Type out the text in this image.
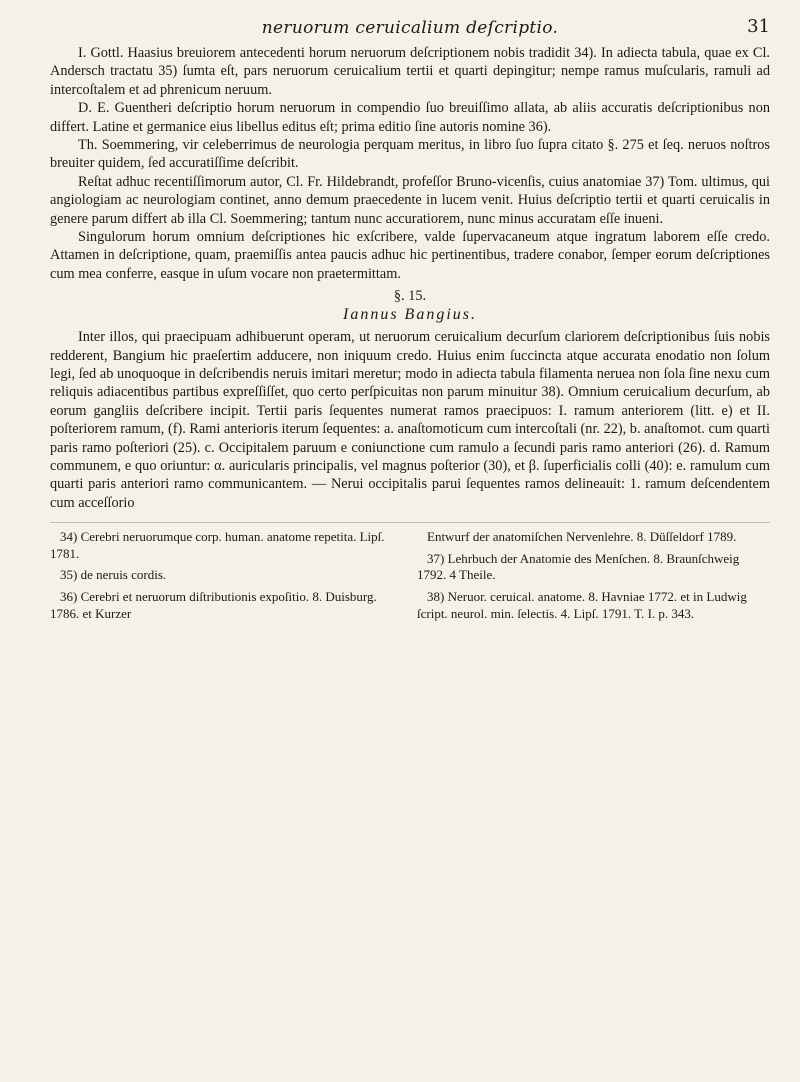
neruorum ceruicalium deſcriptio.	31

I. Gottl. Haasius breuiorem antecedenti horum neruorum deſcriptionem nobis tradidit 34). In adiecta tabula, quae ex Cl. Andersch tractatu 35) ſumta eſt, pars neruorum ceruicalium tertii et quarti depingitur; nempe ramus muſcularis, ramuli ad intercoſtalem et ad phrenicum neruum.

D. E. Guentheri deſcriptio horum neruorum in compendio ſuo breuiſſimo allata, ab aliis accuratis deſcriptionibus non differt. Latine et germanice eius libellus editus eſt; prima editio ſine autoris nomine 36).

Th. Soemmering, vir celeberrimus de neurologia perquam meritus, in libro ſuo ſupra citato §. 275 et ſeq. neruos noſtros breuiter quidem, ſed accuratiſſime deſcribit.

Reſtat adhuc recentiſſimorum autor, Cl. Fr. Hildebrandt, profeſſor Bruno-vicenſis, cuius anatomiae 37) Tom. ultimus, qui angiologiam ac neurologiam continet, anno demum praecedente in lucem venit. Huius deſcriptio tertii et quarti ceruicalis in genere parum differt ab illa Cl. Soemmering; tantum nunc accuratiorem, nunc minus accuratam eſſe inueni.

Singulorum horum omnium deſcriptiones hic exſcribere, valde ſupervacaneum atque ingratum laborem eſſe credo. Attamen in deſcriptione, quam, praemiſſis antea paucis adhuc hic pertinentibus, tradere conabor, ſemper eorum deſcriptiones cum mea conferre, easque in uſum vocare non praetermittam.

§. 15.

Iannus Bangius.

Inter illos, qui praecipuam adhibuerunt operam, ut neruorum ceruicalium decurſum clariorem deſcriptionibus ſuis nobis redderent, Bangium hic praeſertim adducere, non iniquum credo. Huius enim ſuccincta atque accurata enodatio non ſolum legi, ſed ab unoquoque in deſcribendis neruis imitari meretur; modo in adiecta tabula filamenta neruea non ſola ſine nexu cum reliquis adiacentibus partibus expreſſiſſet, quo certo perſpicuitas non parum minuitur 38). Omnium ceruicalium decurſum, ab eorum gangliis deſcribere incipit. Tertii paris ſequentes numerat ramos praecipuos: I. ramum anteriorem (litt. e) et II. poſteriorem ramum, (f). Rami anterioris iterum ſequentes: a. anaſtomoticum cum intercoſtali (nr. 22), b. anaſtomot. cum quarti paris ramo poſteriori (25). c. Occipitalem paruum e coniunctione cum ramulo a ſecundi paris ramo anteriori (26). d. Ramum communem, e quo oriuntur: α. auricularis principalis, vel magnus poſterior (30), et β. ſuperficialis colli (40): e. ramulum cum quarti paris anteriori ramo communicantem. — Nerui occipitalis parui ſequentes ramos delineauit: 1. ramum deſcendentem cum acceſſorio

34) Cerebri neruorumque corp. human. anatome repetita. Lipſ. 1781.

35) de neruis cordis.

36) Cerebri et neruorum diſtributionis expoſitio. 8. Duisburg. 1786. et Kurzer

Entwurf der anatomiſchen Nervenlehre. 8. Düſſeldorf 1789.

37) Lehrbuch der Anatomie des Menſchen. 8. Braunſchweig 1792. 4 Theile.

38) Neruor. ceruical. anatome. 8. Havniae 1772. et in Ludwig ſcript. neurol. min. ſelectis. 4. Lipſ. 1791. T. I. p. 343.
